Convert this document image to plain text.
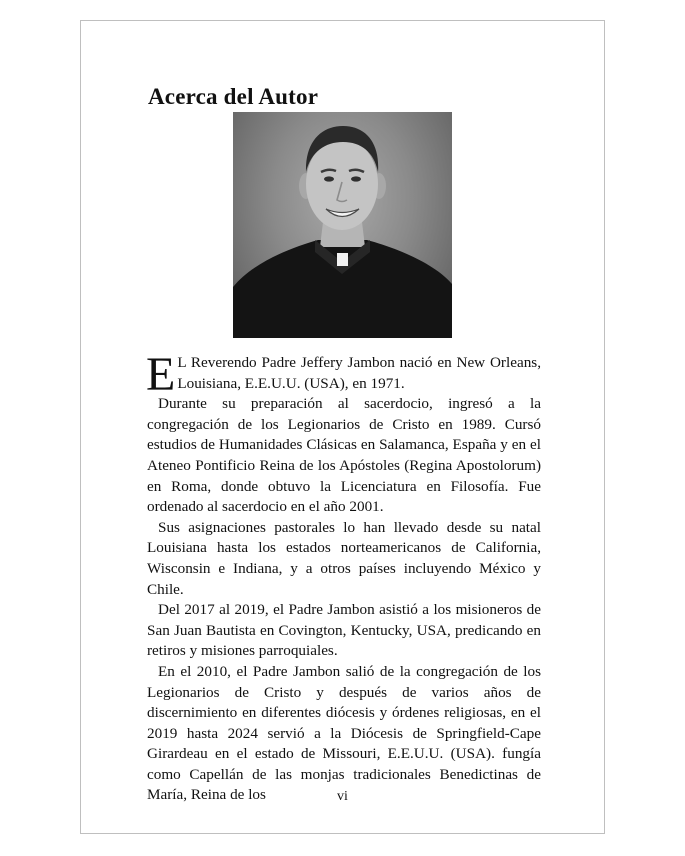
Acerca del Autor

E L Reverendo Padre Jeffery Jambon nació en New Orleans, Louisiana, E.E.U.U. (USA), en 1971.

Durante su preparación al sacerdocio, ingresó a la congregación de los Legionarios de Cristo en 1989. Cursó estudios de Humanidades Clásicas en Salamanca, España y en el Ateneo Pontificio Reina de los Apóstoles (Regina Apostolorum) en Roma, donde obtuvo la Licenciatura en Filosofía. Fue ordenado al sacerdocio en el año 2001.

Sus asignaciones pastorales lo han llevado desde su natal Louisiana hasta los estados norteamericanos de California, Wisconsin e Indiana, y a otros países incluyendo México y Chile.

Del 2017 al 2019, el Padre Jambon asistió a los misioneros de San Juan Bautista en Covington, Kentucky, USA, predicando en retiros y misiones parroquiales.

En el 2010, el Padre Jambon salió de la congregación de los Legionarios de Cristo y después de varios años de discernimiento en diferentes diócesis y órdenes religiosas, en el 2019 hasta 2024 servió a la Diócesis de Springfield-Cape Girardeau en el estado de Missouri, E.E.U.U. (USA). fungía como Capellán de las monjas tradicionales Benedictinas de María, Reina de los	vi
